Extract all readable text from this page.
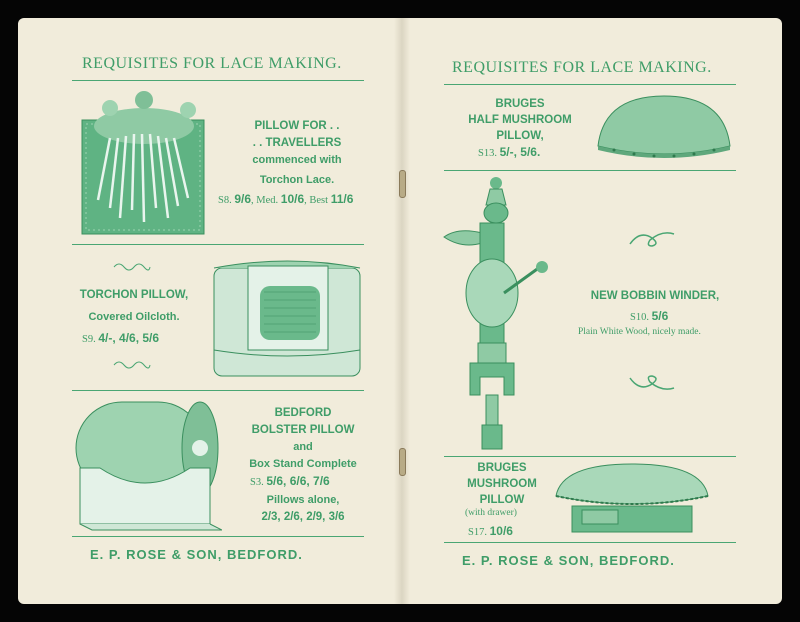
REQUISITES FOR LACE MAKING.
PILLOW FOR . .
. . TRAVELLERS
commenced with
Torchon Lace.
S8. 9/6, Med. 10/6, Best 11/6
TORCHON PILLOW,
Covered Oilcloth.
S9. 4/-, 4/6, 5/6
BEDFORD
BOLSTER PILLOW
and
Box Stand Complete
S3. 5/6, 6/6, 7/6
Pillows alone,
2/3, 2/6, 2/9, 3/6
E. P. ROSE & SON, BEDFORD.
REQUISITES FOR LACE MAKING.
BRUGES
HALF MUSHROOM
PILLOW,
S13. 5/-, 5/6.
NEW BOBBIN WINDER,
S10. 5/6
Plain White Wood, nicely made.
BRUGES
MUSHROOM
PILLOW
(with drawer)
S17. 10/6
E. P. ROSE & SON, BEDFORD.
